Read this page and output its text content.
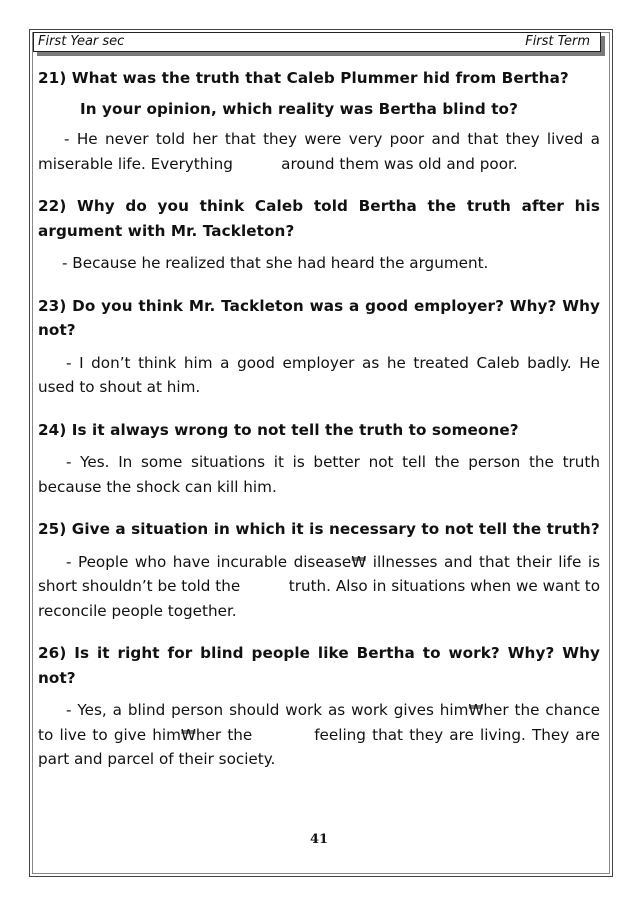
First Year sec	First Term

21) What was the truth that Caleb Plummer hid from Bertha?

In your opinion, which reality was Bertha blind to?

- He never told her that they were very poor and that they lived a miserable life. Everything          around them was old and poor.

22) Why do you think Caleb told Bertha the truth after his argument with Mr. Tackleton?

- Because he realized that she had heard the argument.

23) Do you think Mr. Tackleton was a good employer? Why? Why not?

- I don’t think him a good employer as he treated Caleb badly. He used to shout at him.

24) Is it always wrong to not tell the truth to someone?

- Yes. In some situations it is better not tell the person the truth because the shock can kill him.

25) Give a situation in which it is necessary to not tell the truth?

- People who have incurable disease₩ illnesses and that their life is short shouldn’t be told the          truth. Also in situations when we want to reconcile people together.

26) Is it right for blind people like Bertha to work? Why? Why not?

- Yes, a blind person should work as work gives him₩her the chance to live to give him₩her the          feeling that they are living. They are part and parcel of their society.

41
